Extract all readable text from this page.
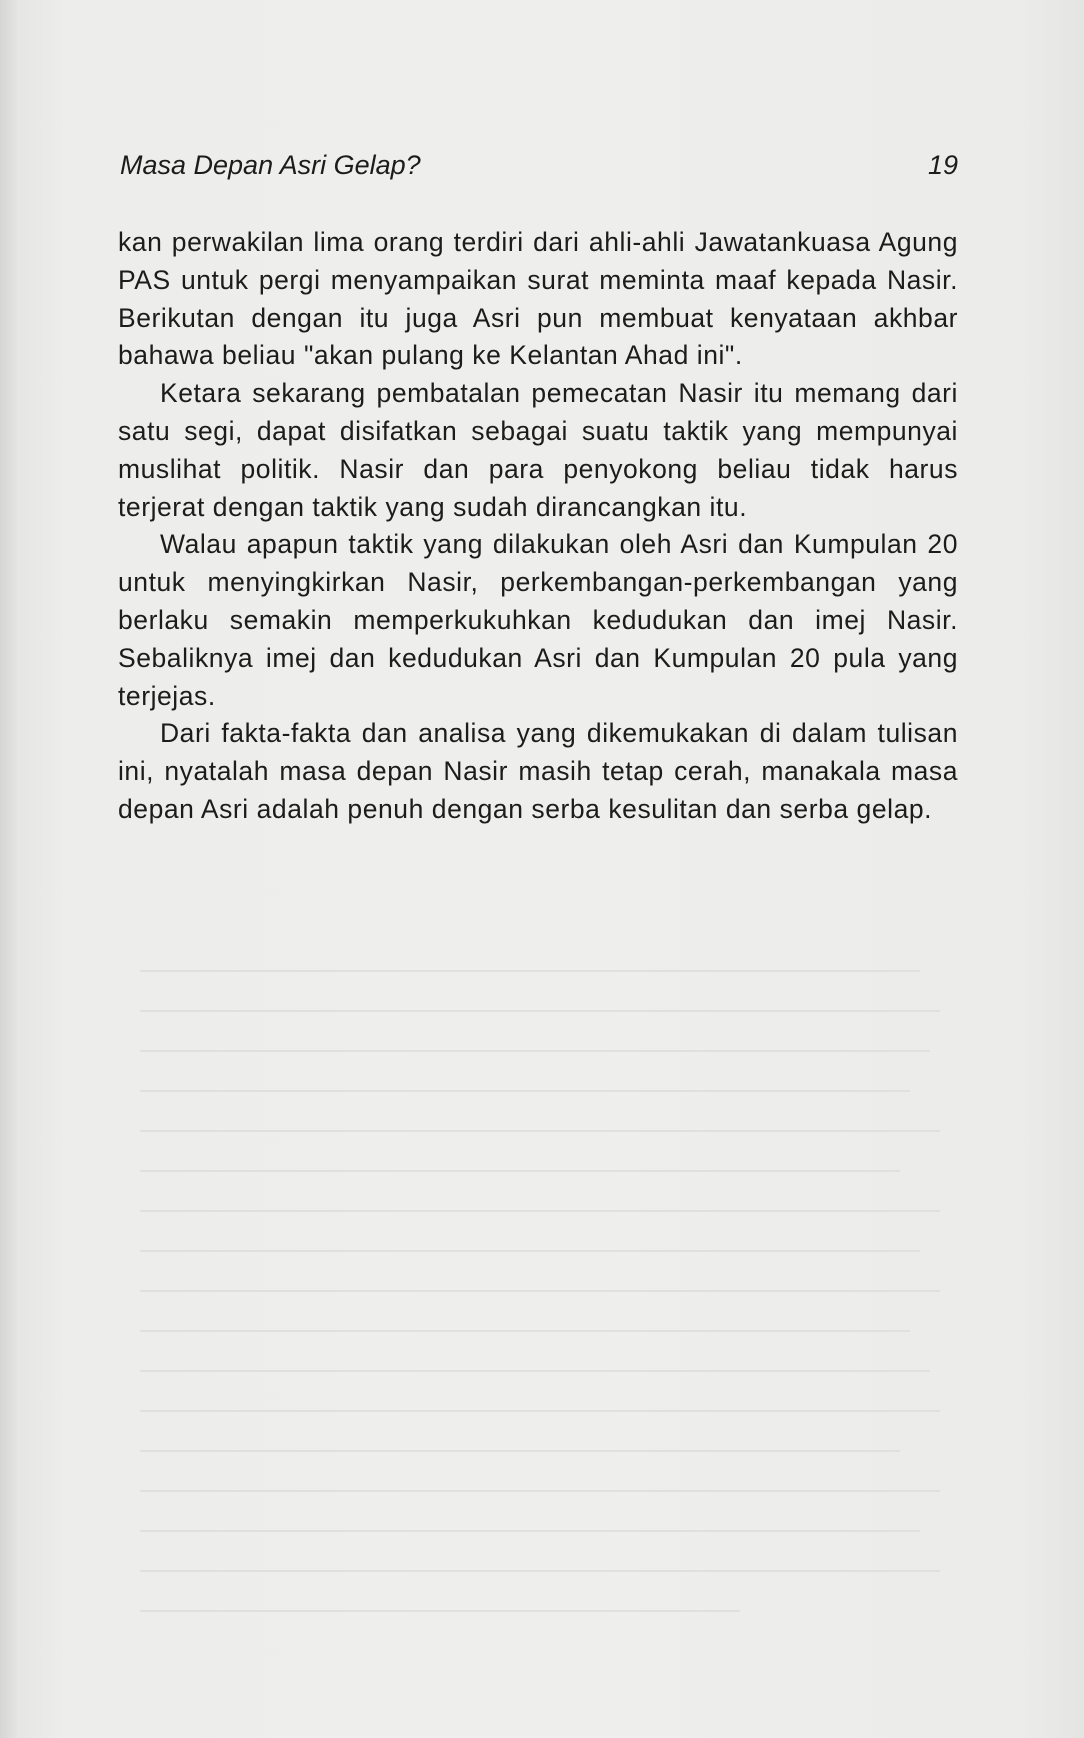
Masa Depan Asri Gelap?	19

kan perwakilan lima orang terdiri dari ahli-ahli Jawatankuasa Agung PAS untuk pergi menyampaikan surat meminta maaf kepada Nasir. Berikutan dengan itu juga Asri pun membuat kenyataan akhbar bahawa beliau "akan pulang ke Kelantan Ahad ini".

Ketara sekarang pembatalan pemecatan Nasir itu memang dari satu segi, dapat disifatkan sebagai suatu taktik yang mempunyai muslihat politik. Nasir dan para penyokong beliau tidak harus terjerat dengan taktik yang sudah dirancangkan itu.

Walau apapun taktik yang dilakukan oleh Asri dan Kumpulan 20 untuk menyingkirkan Nasir, perkembangan-perkembangan yang berlaku semakin memperkukuhkan kedudukan dan imej Nasir. Sebaliknya imej dan kedudukan Asri dan Kumpulan 20 pula yang terjejas.

Dari fakta-fakta dan analisa yang dikemukakan di dalam tulisan ini, nyatalah masa depan Nasir masih tetap cerah, manakala masa depan Asri adalah penuh dengan serba kesulitan dan serba gelap.
